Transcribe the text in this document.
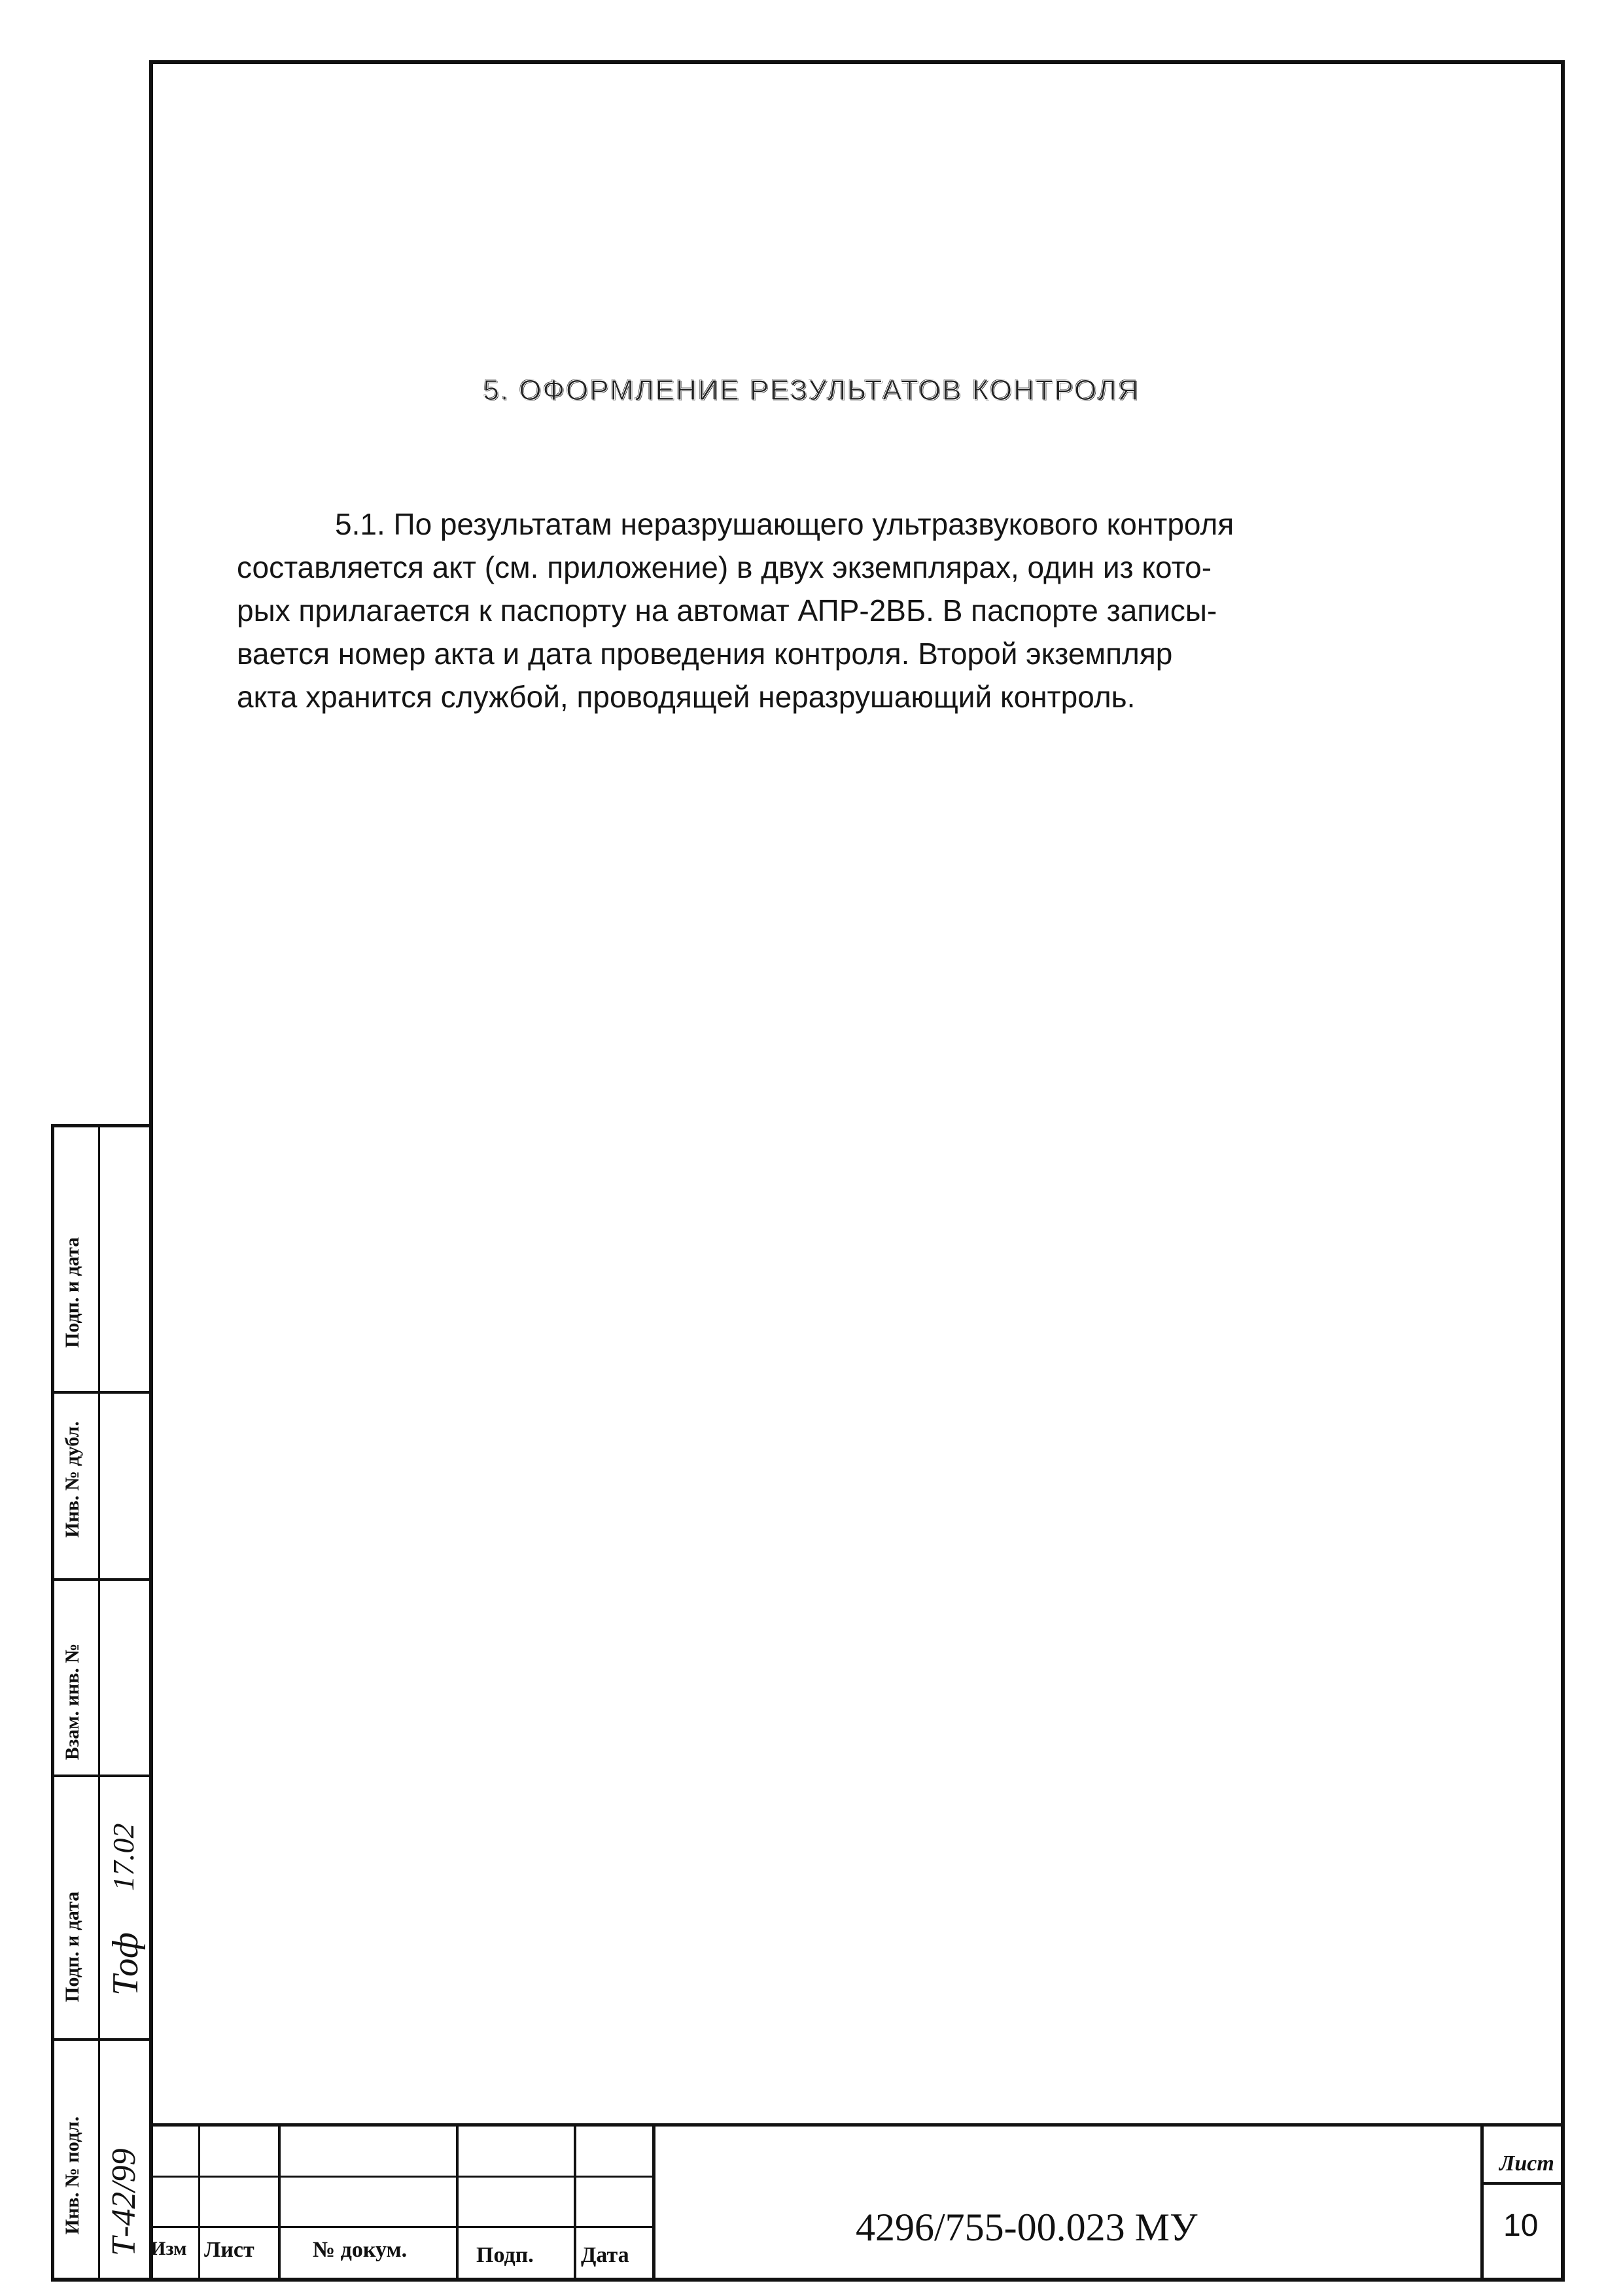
5. ОФОРМЛЕНИЕ РЕЗУЛЬТАТОВ КОНТРОЛЯ
5.1. По результатам неразрушающего ультразвукового контроля
составляется акт (см. приложение) в двух экземплярах, один из кото-
рых прилагается к паспорту на автомат АПР-2ВБ. В паспорте записы-
вается номер акта и дата проведения контроля. Второй экземпляр
акта хранится службой, проводящей неразрушающий контроль.
Подп. и дата
Инв. № дубл.
Взам. инв. №
Подп. и дата
Инв. № подл. Т-42/99
17.02
Тоф
Изм Лист	№ докум.	Подп. Дата
4296/755-00.023 МУ
Лист
10
